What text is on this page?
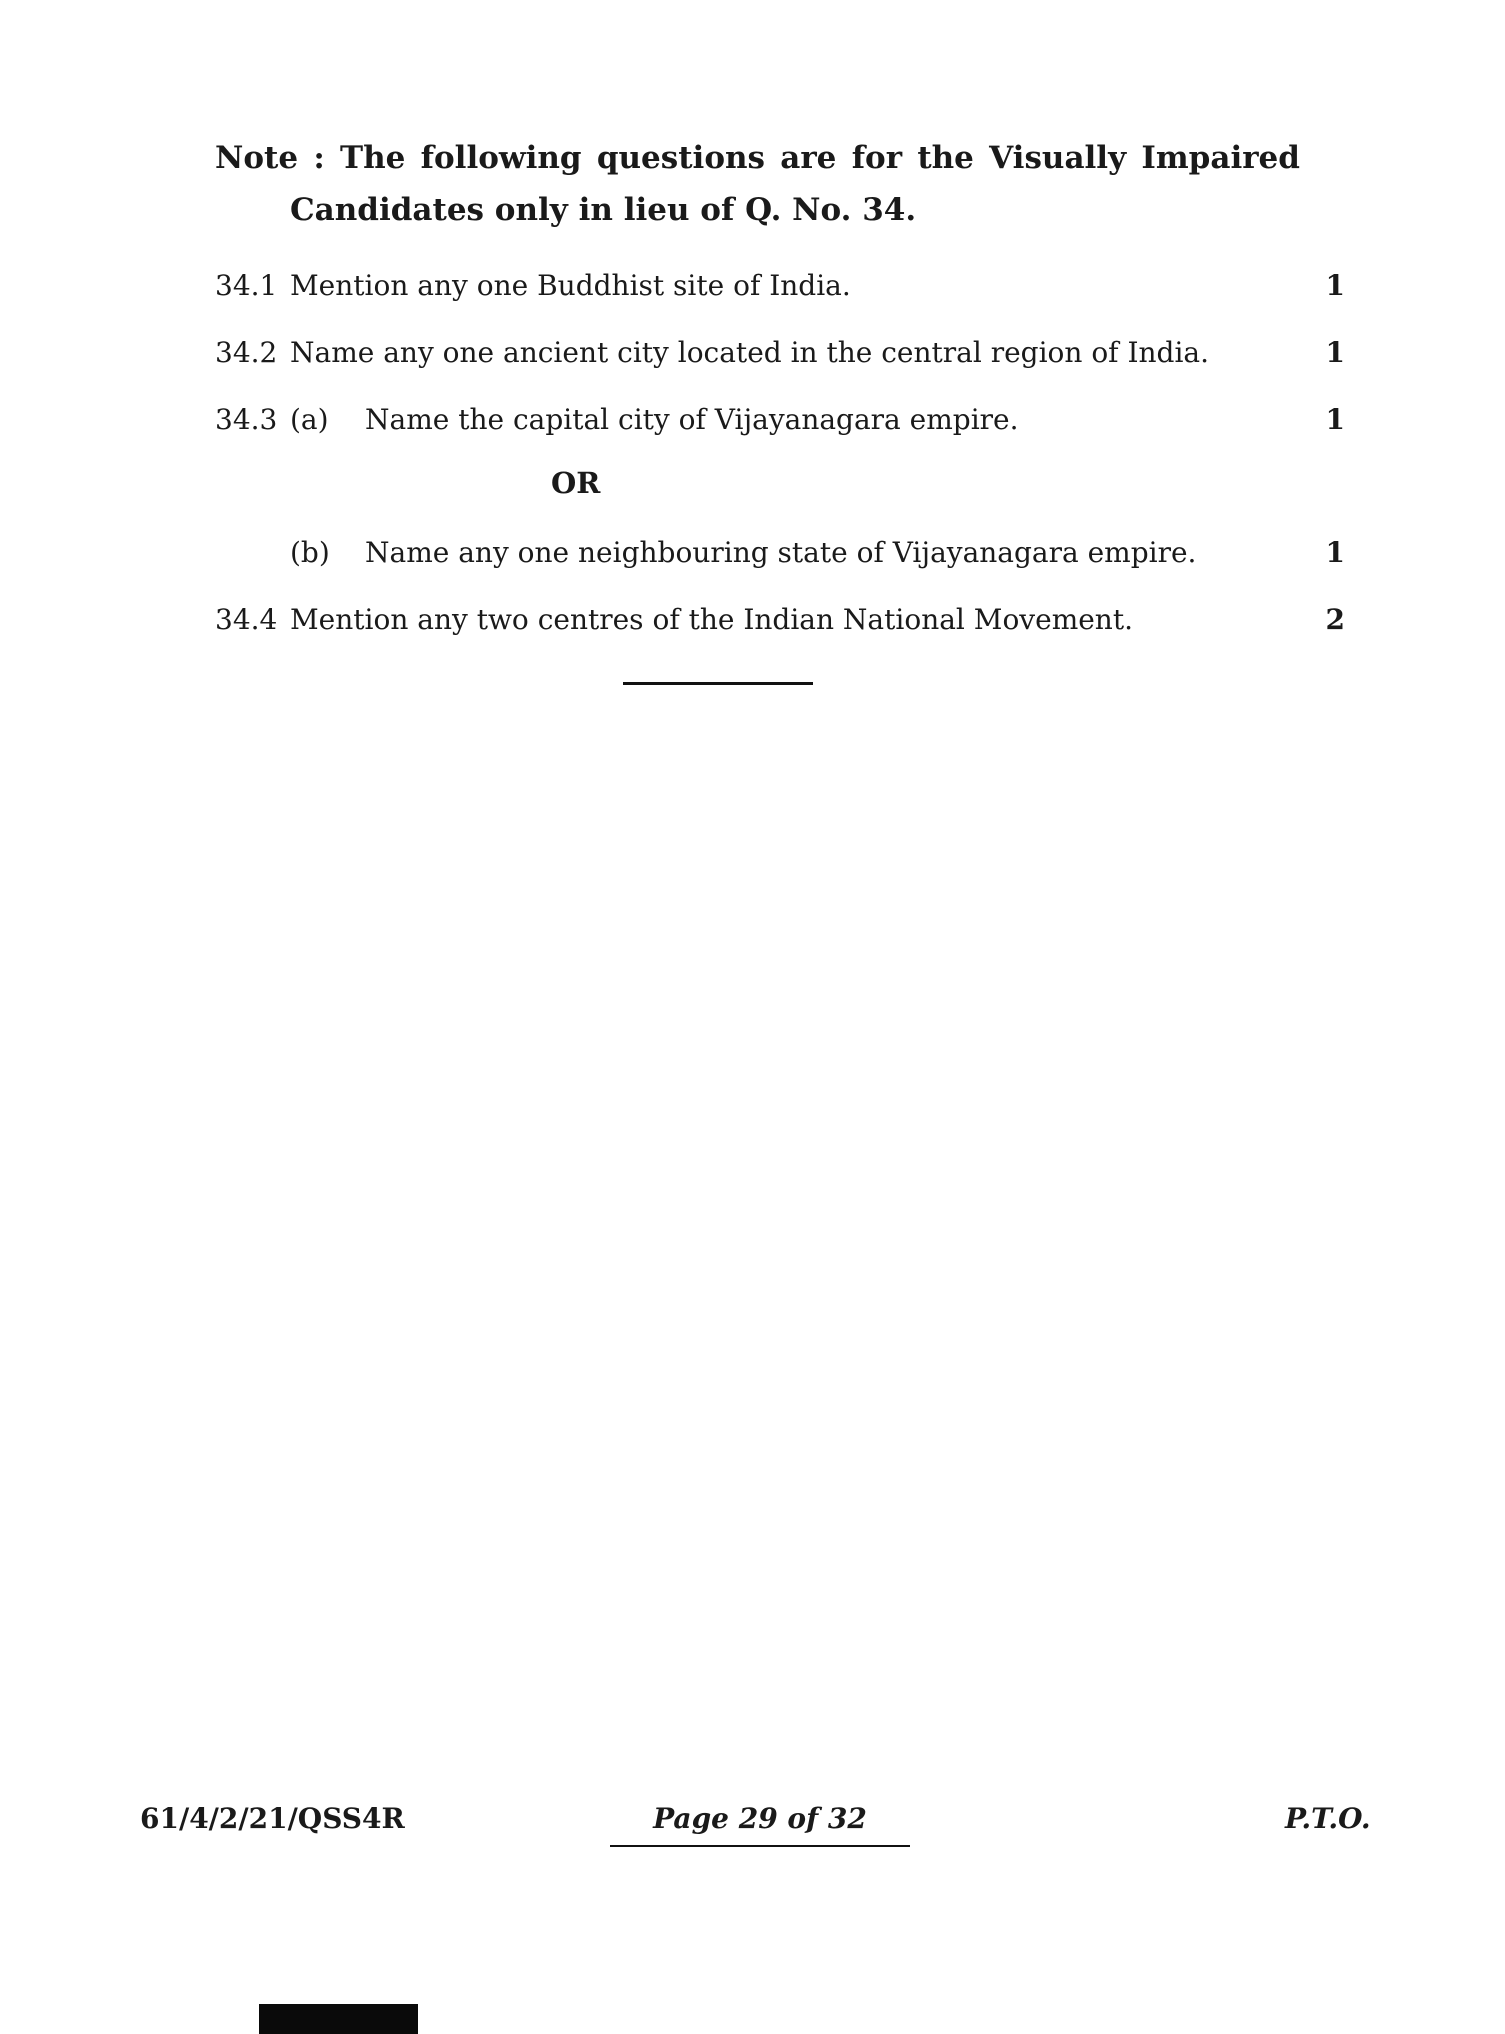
Note : The following questions are for the Visually Impaired
Candidates only in lieu of Q. No. 34.
34.1 Mention any one Buddhist site of India.	1
34.2 Name any one ancient city located in the central region of India.	1
34.3 (a)	Name the capital city of Vijayanagara empire.	1
OR
(b)	Name any one neighbouring state of Vijayanagara empire.	1
34.4 Mention any two centres of the Indian National Movement.	2
61/4/2/21/QSS4R	Page 29 of 32	P.T.O.
